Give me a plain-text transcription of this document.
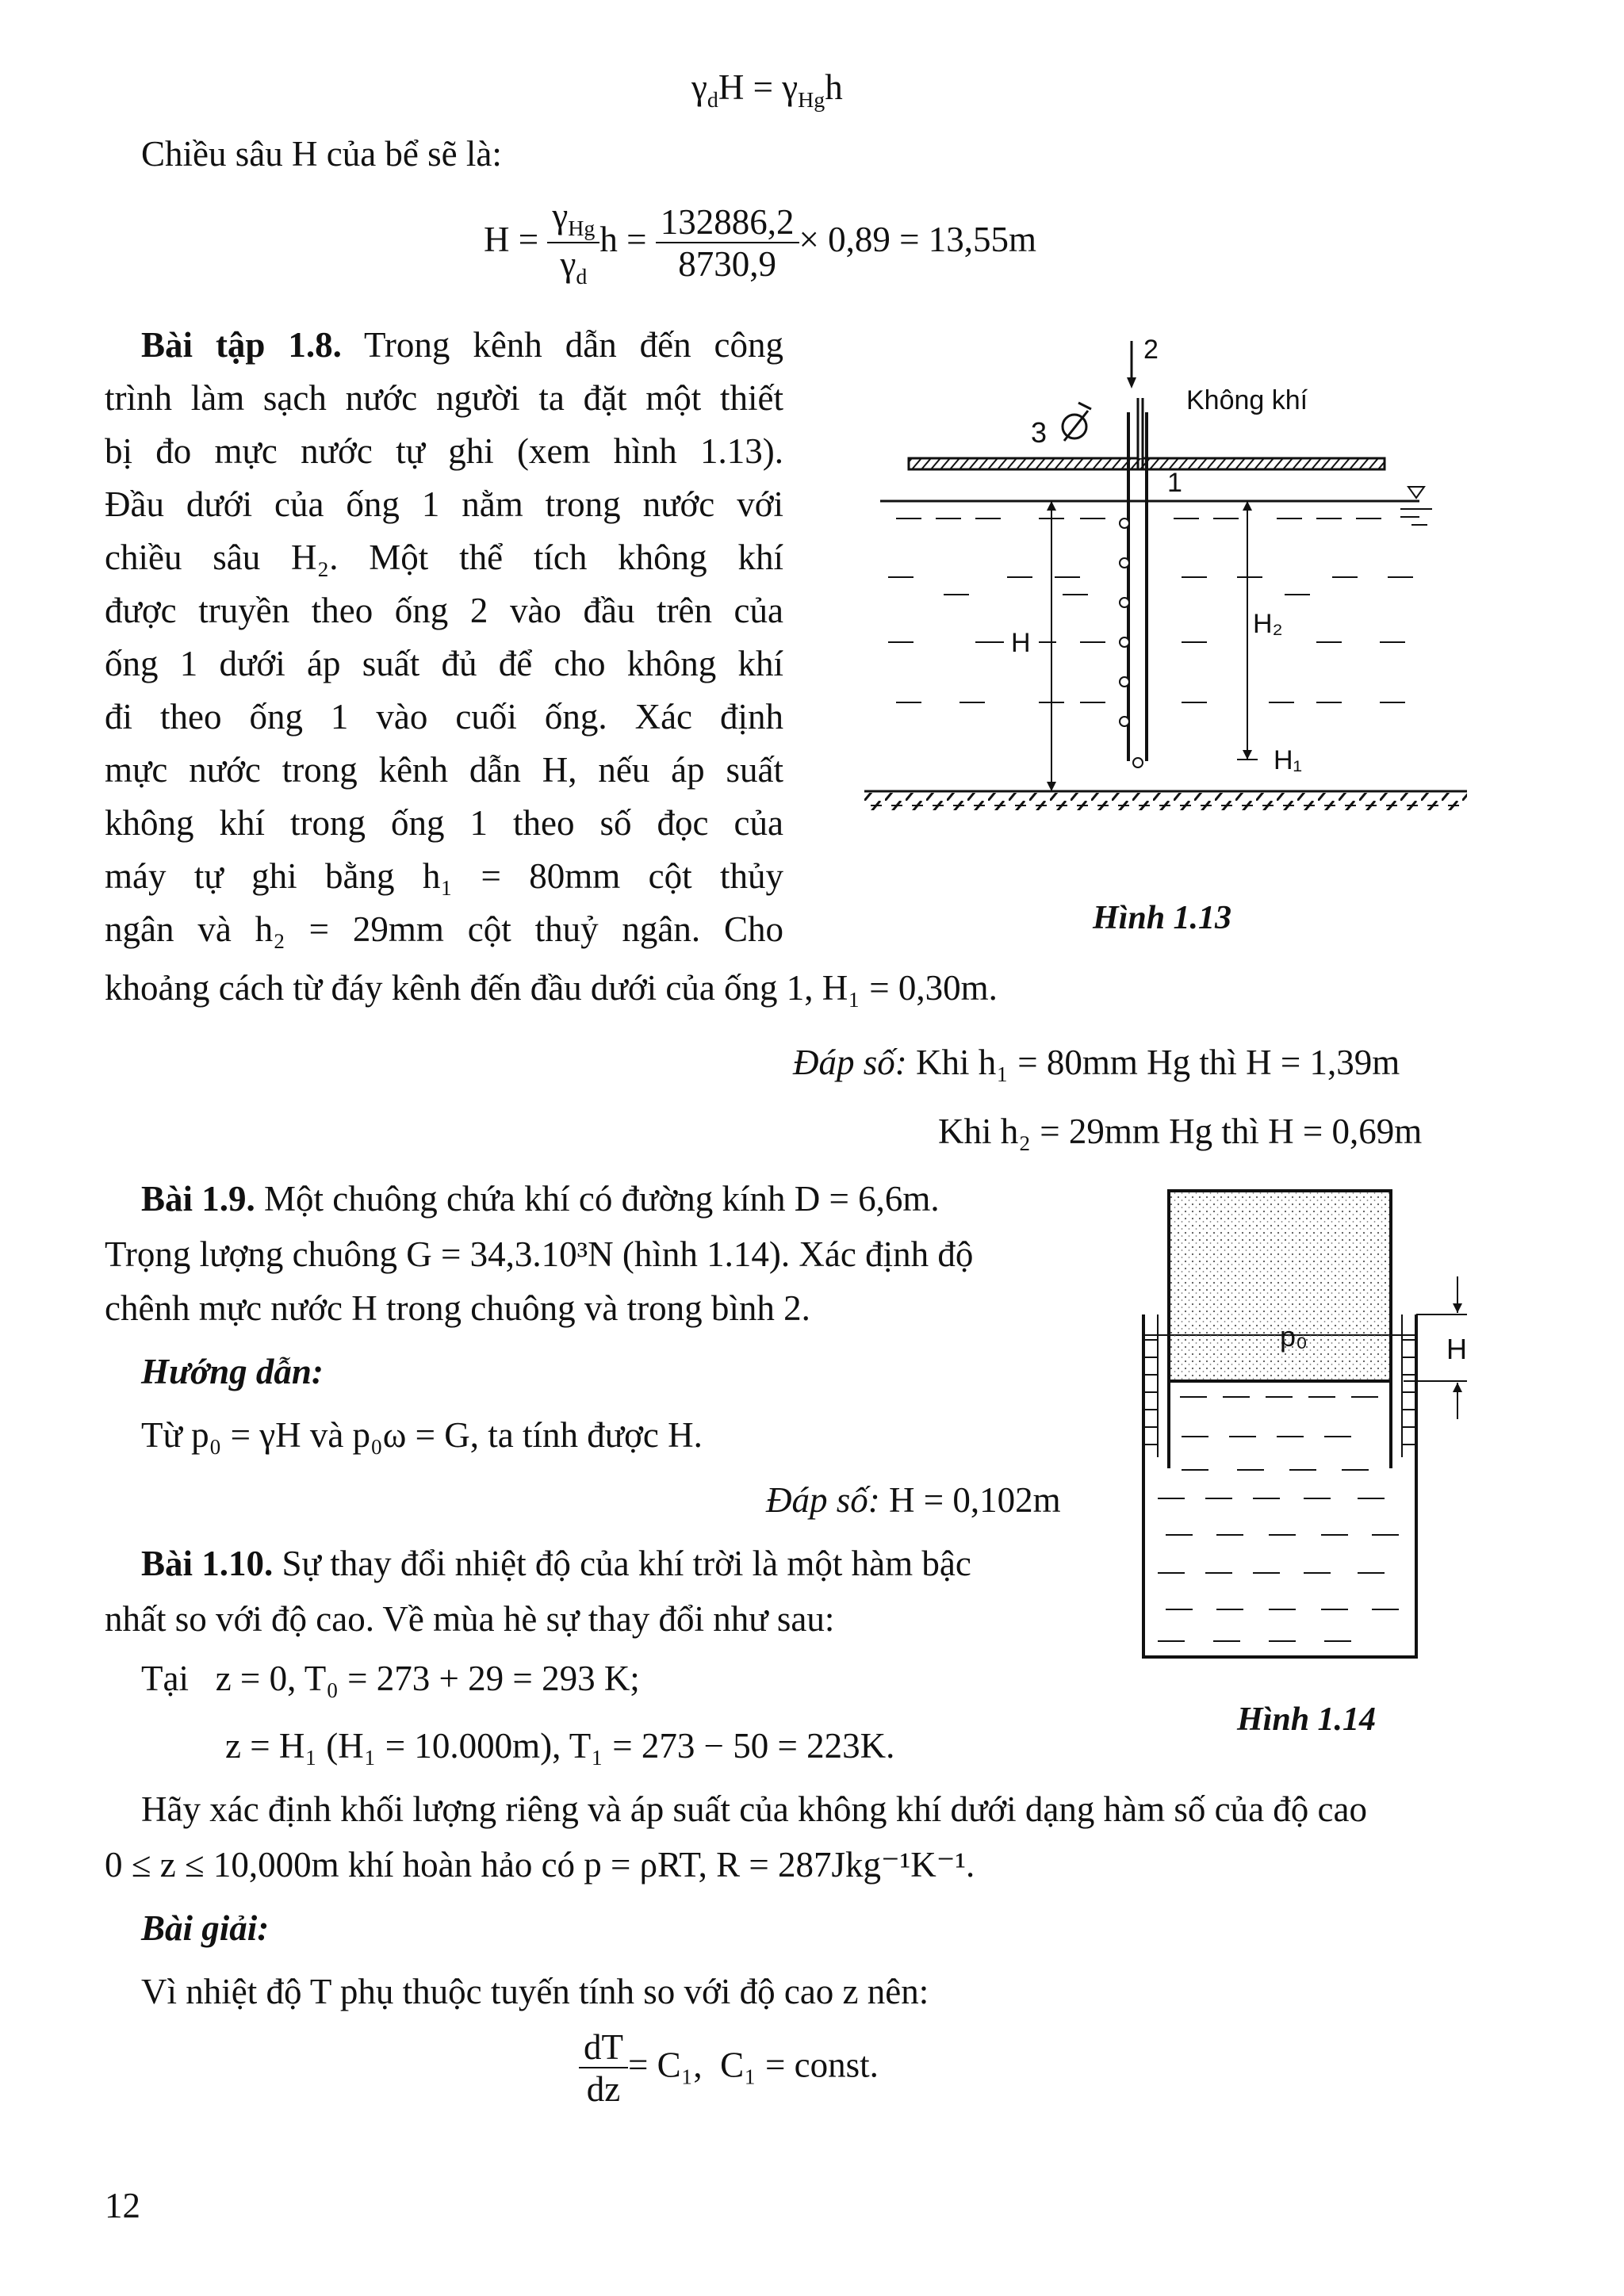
$\gamma_dH = \gamma_{Hg}h$
Chiều sâu H của bể sẽ là:
$H = \frac{\gamma_{Hg}}{\gamma_d}$ $h = \frac{132886,2}{8730,9} \times 0,89 = 13,55m$
Bài tập 1.8. Trong kênh dẫn đến công
trình làm sạch nước người ta đặt một thiết
bị đo mực nước tự ghi (xem hình 1.13).
Đầu dưới của ống 1 nằm trong nước với
chiều sâu H₂. Một thể tích không khí
được truyền theo ống 2 vào đầu trên của
ống 1 dưới áp suất đủ để cho không khí
đi theo ống 1 vào cuối ống. Xác định
mực nước trong kênh dẫn H, nếu áp suất
không khí trong ống 1 theo số đọc của
máy tự ghi bằng h₁ = 80mm cột thủy
ngân và h₂ = 29mm cột thuỷ ngân. Cho
khoảng cách từ đáy kênh đến đầu dưới của ống 1, H₁ = 0,30m.
Đáp số: Khi h₁ = 80mm Hg thì H = 1,39m
Khi h₂ = 29mm Hg thì H = 0,69m
2
3
Không khí
1
H
H₂
H₁
Hình 1.13
Bài 1.9. Một chuông chứa khí có đường kính D = 6,6m.
Trọng lượng chuông G = 34,3.10³N (hình 1.14). Xác định độ
chênh mực nước H trong chuông và trong bình 2.
Hướng dẫn:
Từ p₀ = γH và p₀ω = G, ta tính được H.
Đáp số: H = 0,102m
H
p₀
Hình 1.14
Bài 1.10. Sự thay đổi nhiệt độ của khí trời là một hàm bậc
nhất so với độ cao. Về mùa hè sự thay đổi như sau:
Tại   z = 0, T₀ = 273 + 29 = 293 K;
z = H₁ (H₁ = 10.000m), T₁ = 273 − 50 = 223K.
Hãy xác định khối lượng riêng và áp suất của không khí dưới dạng hàm số của độ cao
0 ≤ z ≤ 10,000m khí hoàn hảo có p = ρRT, R = 287Jkg⁻¹K⁻¹.
Bài giải:
Vì nhiệt độ T phụ thuộc tuyến tính so với độ cao z nên:
$\frac{dT}{dz} = C_1$,  C₁ = const.
12
